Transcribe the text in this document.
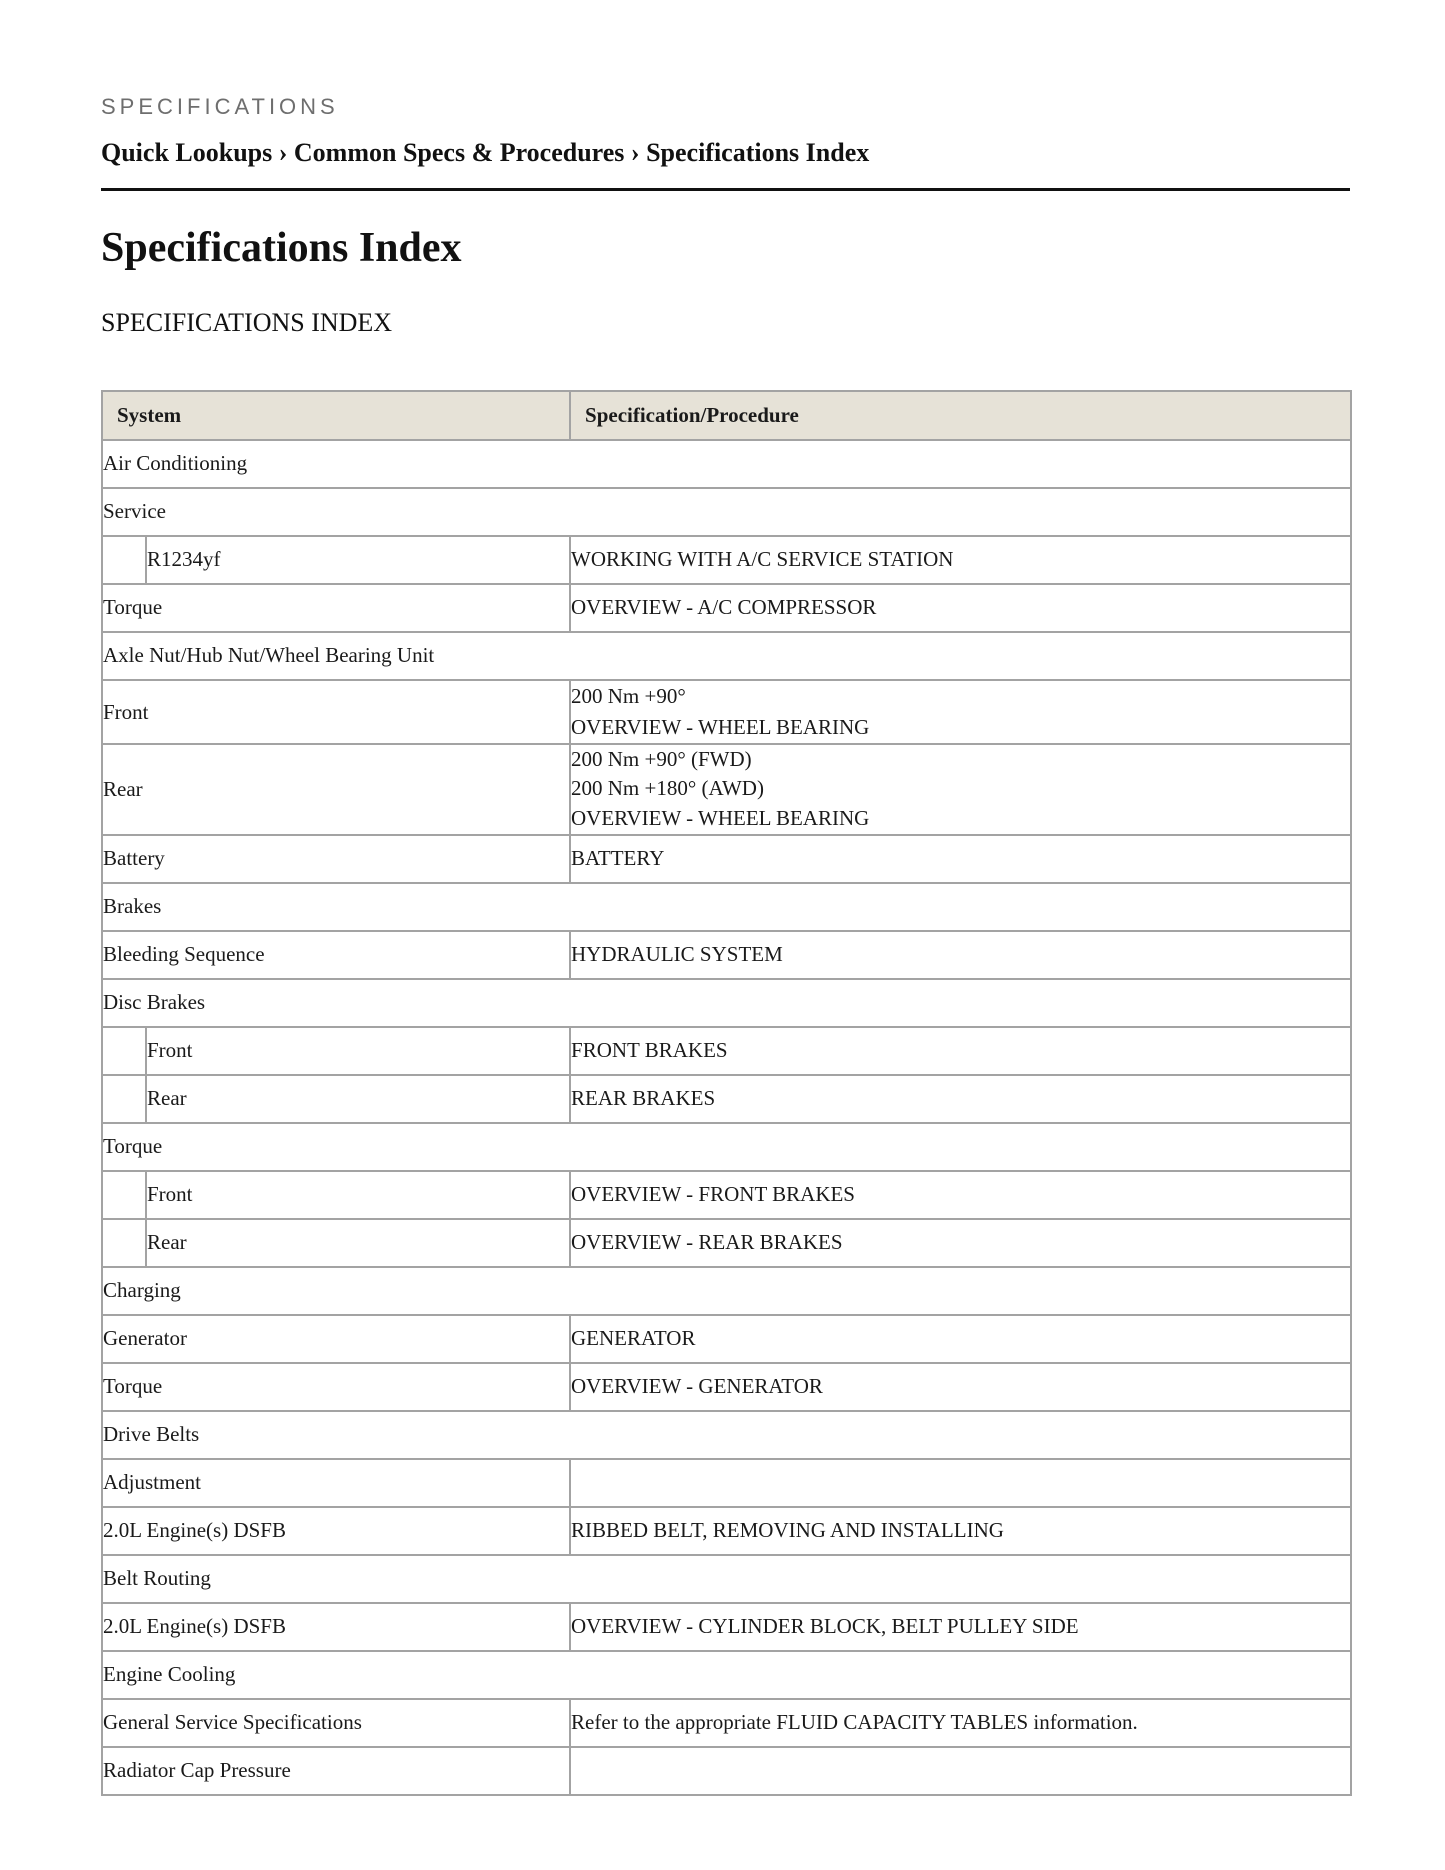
SPECIFICATIONS
Quick Lookups › Common Specs & Procedures › Specifications Index
Specifications Index
SPECIFICATIONS INDEX
System		Specification/Procedure
Air Conditioning		
Service		
	R1234yf	WORKING WITH A/C SERVICE STATION
Torque		OVERVIEW - A/C COMPRESSOR
Axle Nut/Hub Nut/Wheel Bearing Unit		

Front		200 Nm +90°
OVERVIEW - WHEEL BEARING

Rear		200 Nm +90° (FWD)
200 Nm +180° (AWD)
OVERVIEW - WHEEL BEARING

Battery		BATTERY
Brakes		
Bleeding Sequence		HYDRAULIC SYSTEM
Disc Brakes		
	Front	FRONT BRAKES
	Rear	REAR BRAKES
Torque		
	Front	OVERVIEW - FRONT BRAKES
	Rear	OVERVIEW - REAR BRAKES
Charging		
Generator		GENERATOR
Torque		OVERVIEW - GENERATOR
Drive Belts		
Adjustment		
2.0L Engine(s) DSFB		RIBBED BELT, REMOVING AND INSTALLING
Belt Routing		
2.0L Engine(s) DSFB		OVERVIEW - CYLINDER BLOCK, BELT PULLEY SIDE
Engine Cooling		
General Service Specifications		Refer to the appropriate FLUID CAPACITY TABLES information.
Radiator Cap Pressure		
